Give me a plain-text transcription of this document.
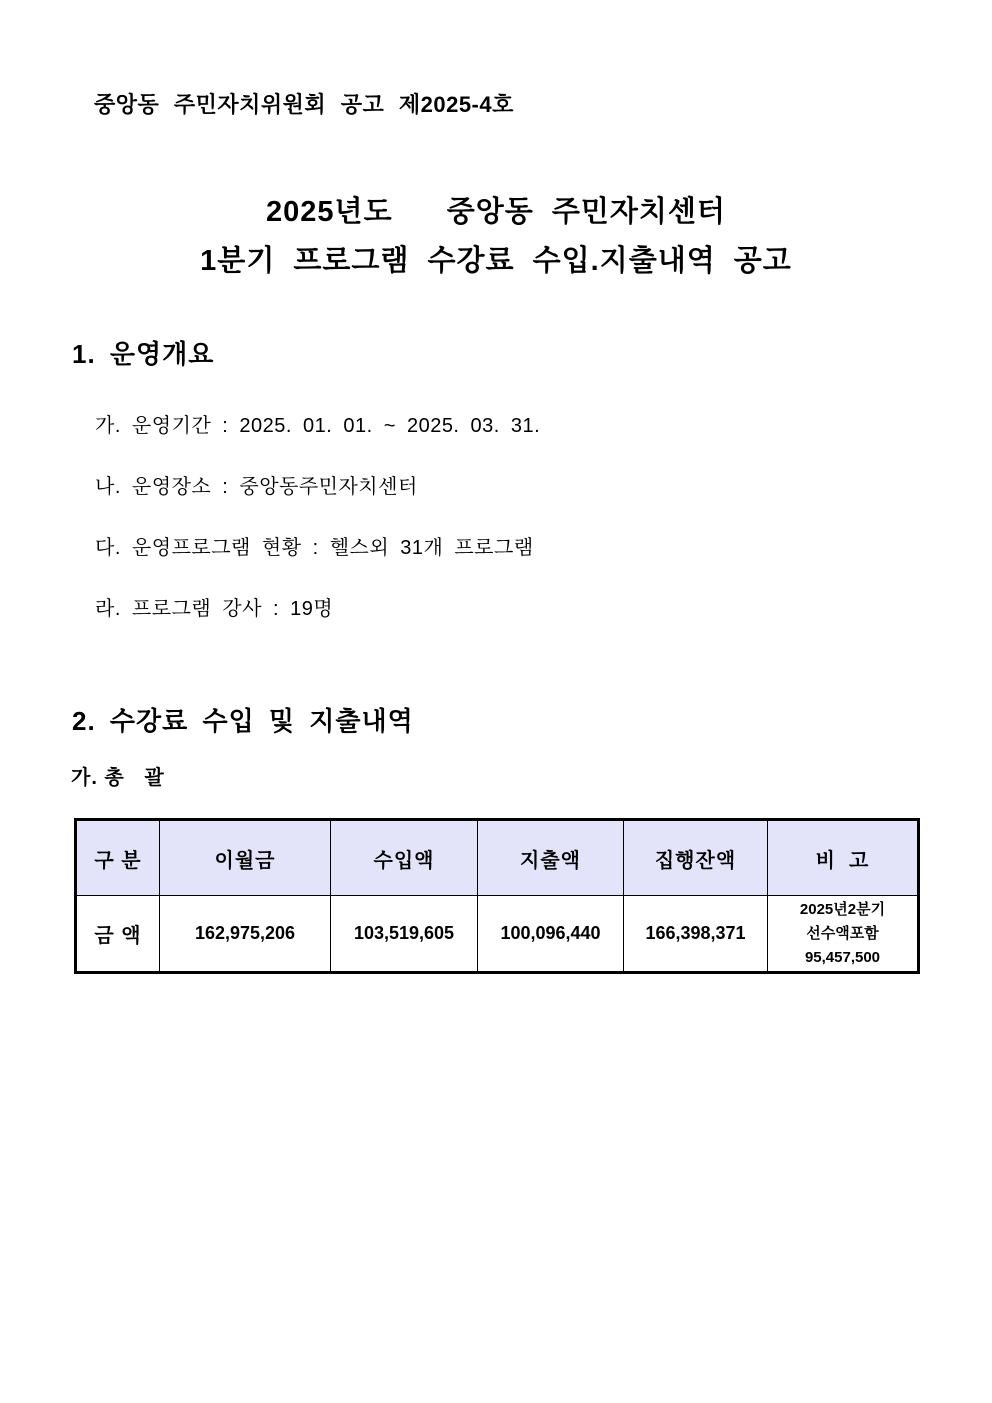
중앙동 주민자치위원회 공고 제2025-4호
2025년도   중앙동 주민자치센터
1분기 프로그램 수강료 수입.지출내역 공고
1. 운영개요
가. 운영기간 : 2025. 01. 01. ~ 2025. 03. 31.
나. 운영장소 : 중앙동주민자치센터
다. 운영프로그램 현황 : 헬스외 31개 프로그램
라. 프로그램 강사 : 19명
2. 수강료 수입 및 지출내역
가. 총   괄
구 분	이월금	수입액	지출액	집행잔액	비  고
금 액	162,975,206	103,519,605	100,096,440	166,398,371	2025년2분기
선수액포함
95,457,500
